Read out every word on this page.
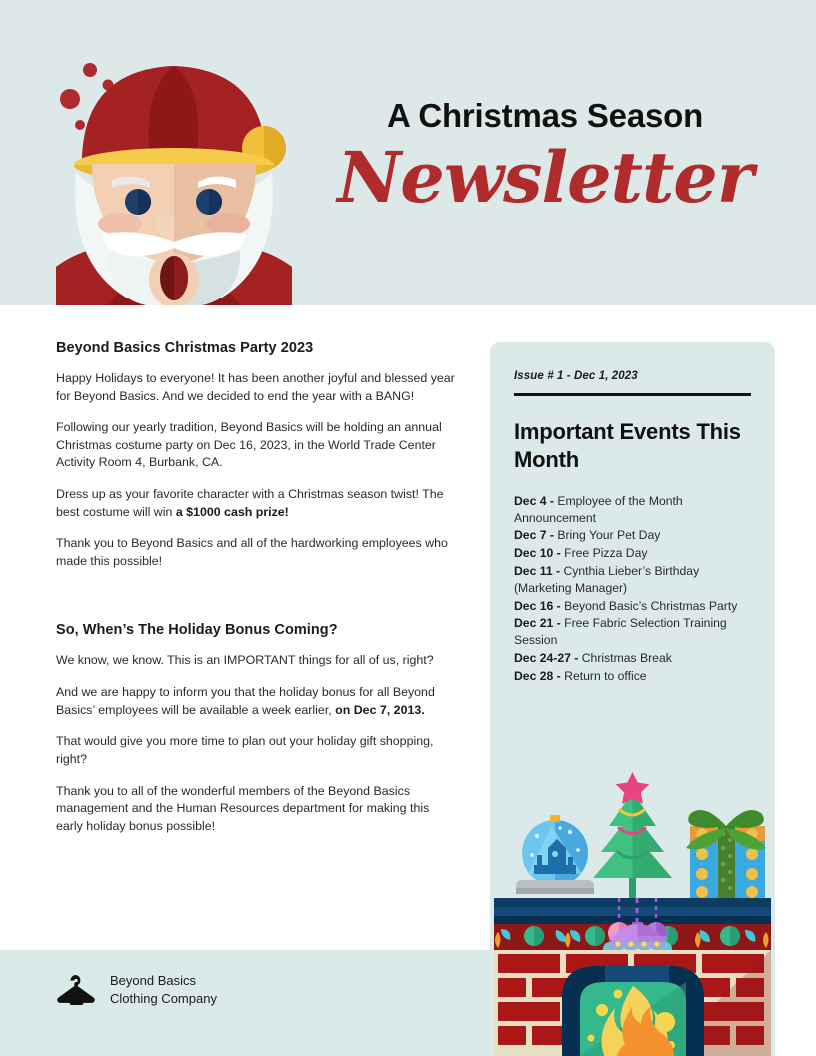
A Christmas Season
Newsletter
Beyond Basics Christmas Party 2023

Happy Holidays to everyone! It has been another joyful and blessed year for Beyond Basics. And we decided to end the year with a BANG!

Following our yearly tradition, Beyond Basics will be holding an annual Christmas costume party on Dec 16, 2023, in the World Trade Center Activity Room 4, Burbank, CA.

Dress up as your favorite character with a Christmas season twist! The best costume will win a $1000 cash prize!

Thank you to Beyond Basics and all of the hardworking employees who made this possible!

So, When’s The Holiday Bonus Coming?

We know, we know. This is an IMPORTANT things for all of us, right?

And we are happy to inform you that the holiday bonus for all Beyond Basics’ employees will be available a week earlier, on Dec 7, 2013.

That would give you more time to plan out your holiday gift shopping, right?

Thank you to all of the wonderful members of the Beyond Basics management and the Human Resources department for making this early holiday bonus possible!

Issue # 1 - Dec 1, 2023
Important Events This Month
Dec 4 - Employee of the Month Announcement
Dec 7 - Bring Your Pet Day
Dec 10 - Free Pizza Day
Dec 11 - Cynthia Lieber’s Birthday (Marketing Manager)
Dec 16 - Beyond Basic’s Christmas Party
Dec 21 - Free Fabric Selection Training Session
Dec 24-27 - Christmas Break
Dec 28 - Return to office
Beyond Basics
Clothing Company
